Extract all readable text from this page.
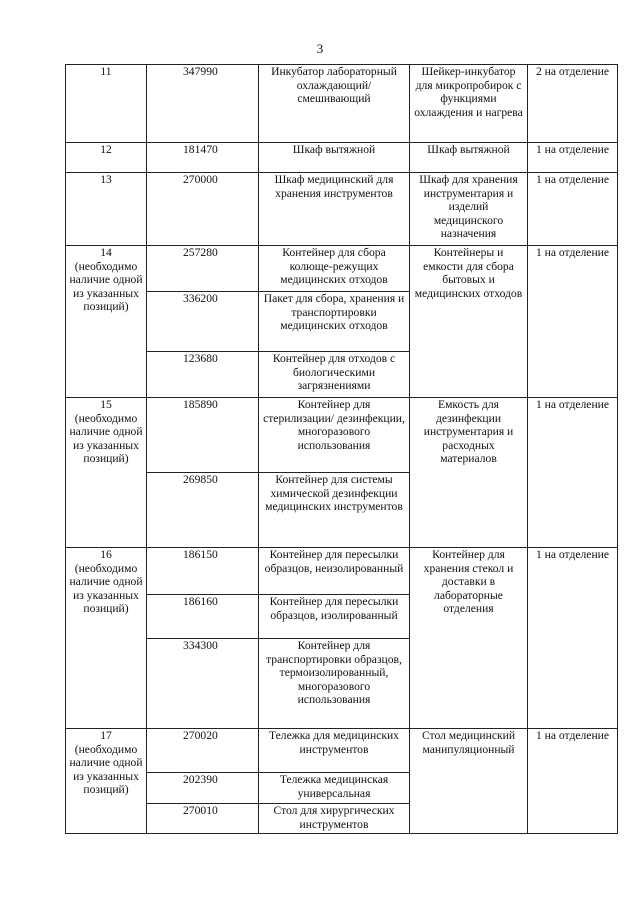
3
11	347990	Инкубатор лабораторный охлаждающий/ смешивающий	Шейкер-инкубатор для микропробирок с функциями охлаждения и нагрева	2 на отделение
12	181470	Шкаф вытяжной	Шкаф вытяжной	1 на отделение
13	270000	Шкаф медицинский для хранения инструментов	Шкаф для хранения инструментария и изделий медицинского назначения	1 на отделение
14 (необходимо наличие одной из указанных позиций)	257280	Контейнер для сбора колюще-режущих медицинских отходов	Контейнеры и емкости для сбора бытовых и медицинских отходов	1 на отделение
	336200	Пакет для сбора, хранения и транспортировки медицинских отходов		
	123680	Контейнер для отходов с биологическими загрязнениями		
15 (необходимо наличие одной из указанных позиций)	185890	Контейнер для стерилизации/ дезинфекции, многоразового использования	Емкость для дезинфекции инструментария и расходных материалов	1 на отделение
	269850	Контейнер для системы химической дезинфекции медицинских инструментов		
16 (необходимо наличие одной из указанных позиций)	186150	Контейнер для пересылки образцов, неизолированный	Контейнер для хранения стекол и доставки в лабораторные отделения	1 на отделение
	186160	Контейнер для пересылки образцов, изолированный		
	334300	Контейнер для транспортировки образцов, термоизолированный, многоразового использования		
17 (необходимо наличие одной из указанных позиций)	270020	Тележка для медицинских инструментов	Стол медицинский манипуляционный	1 на отделение
	202390	Тележка медицинская универсальная		
	270010	Стол для хирургических инструментов		
